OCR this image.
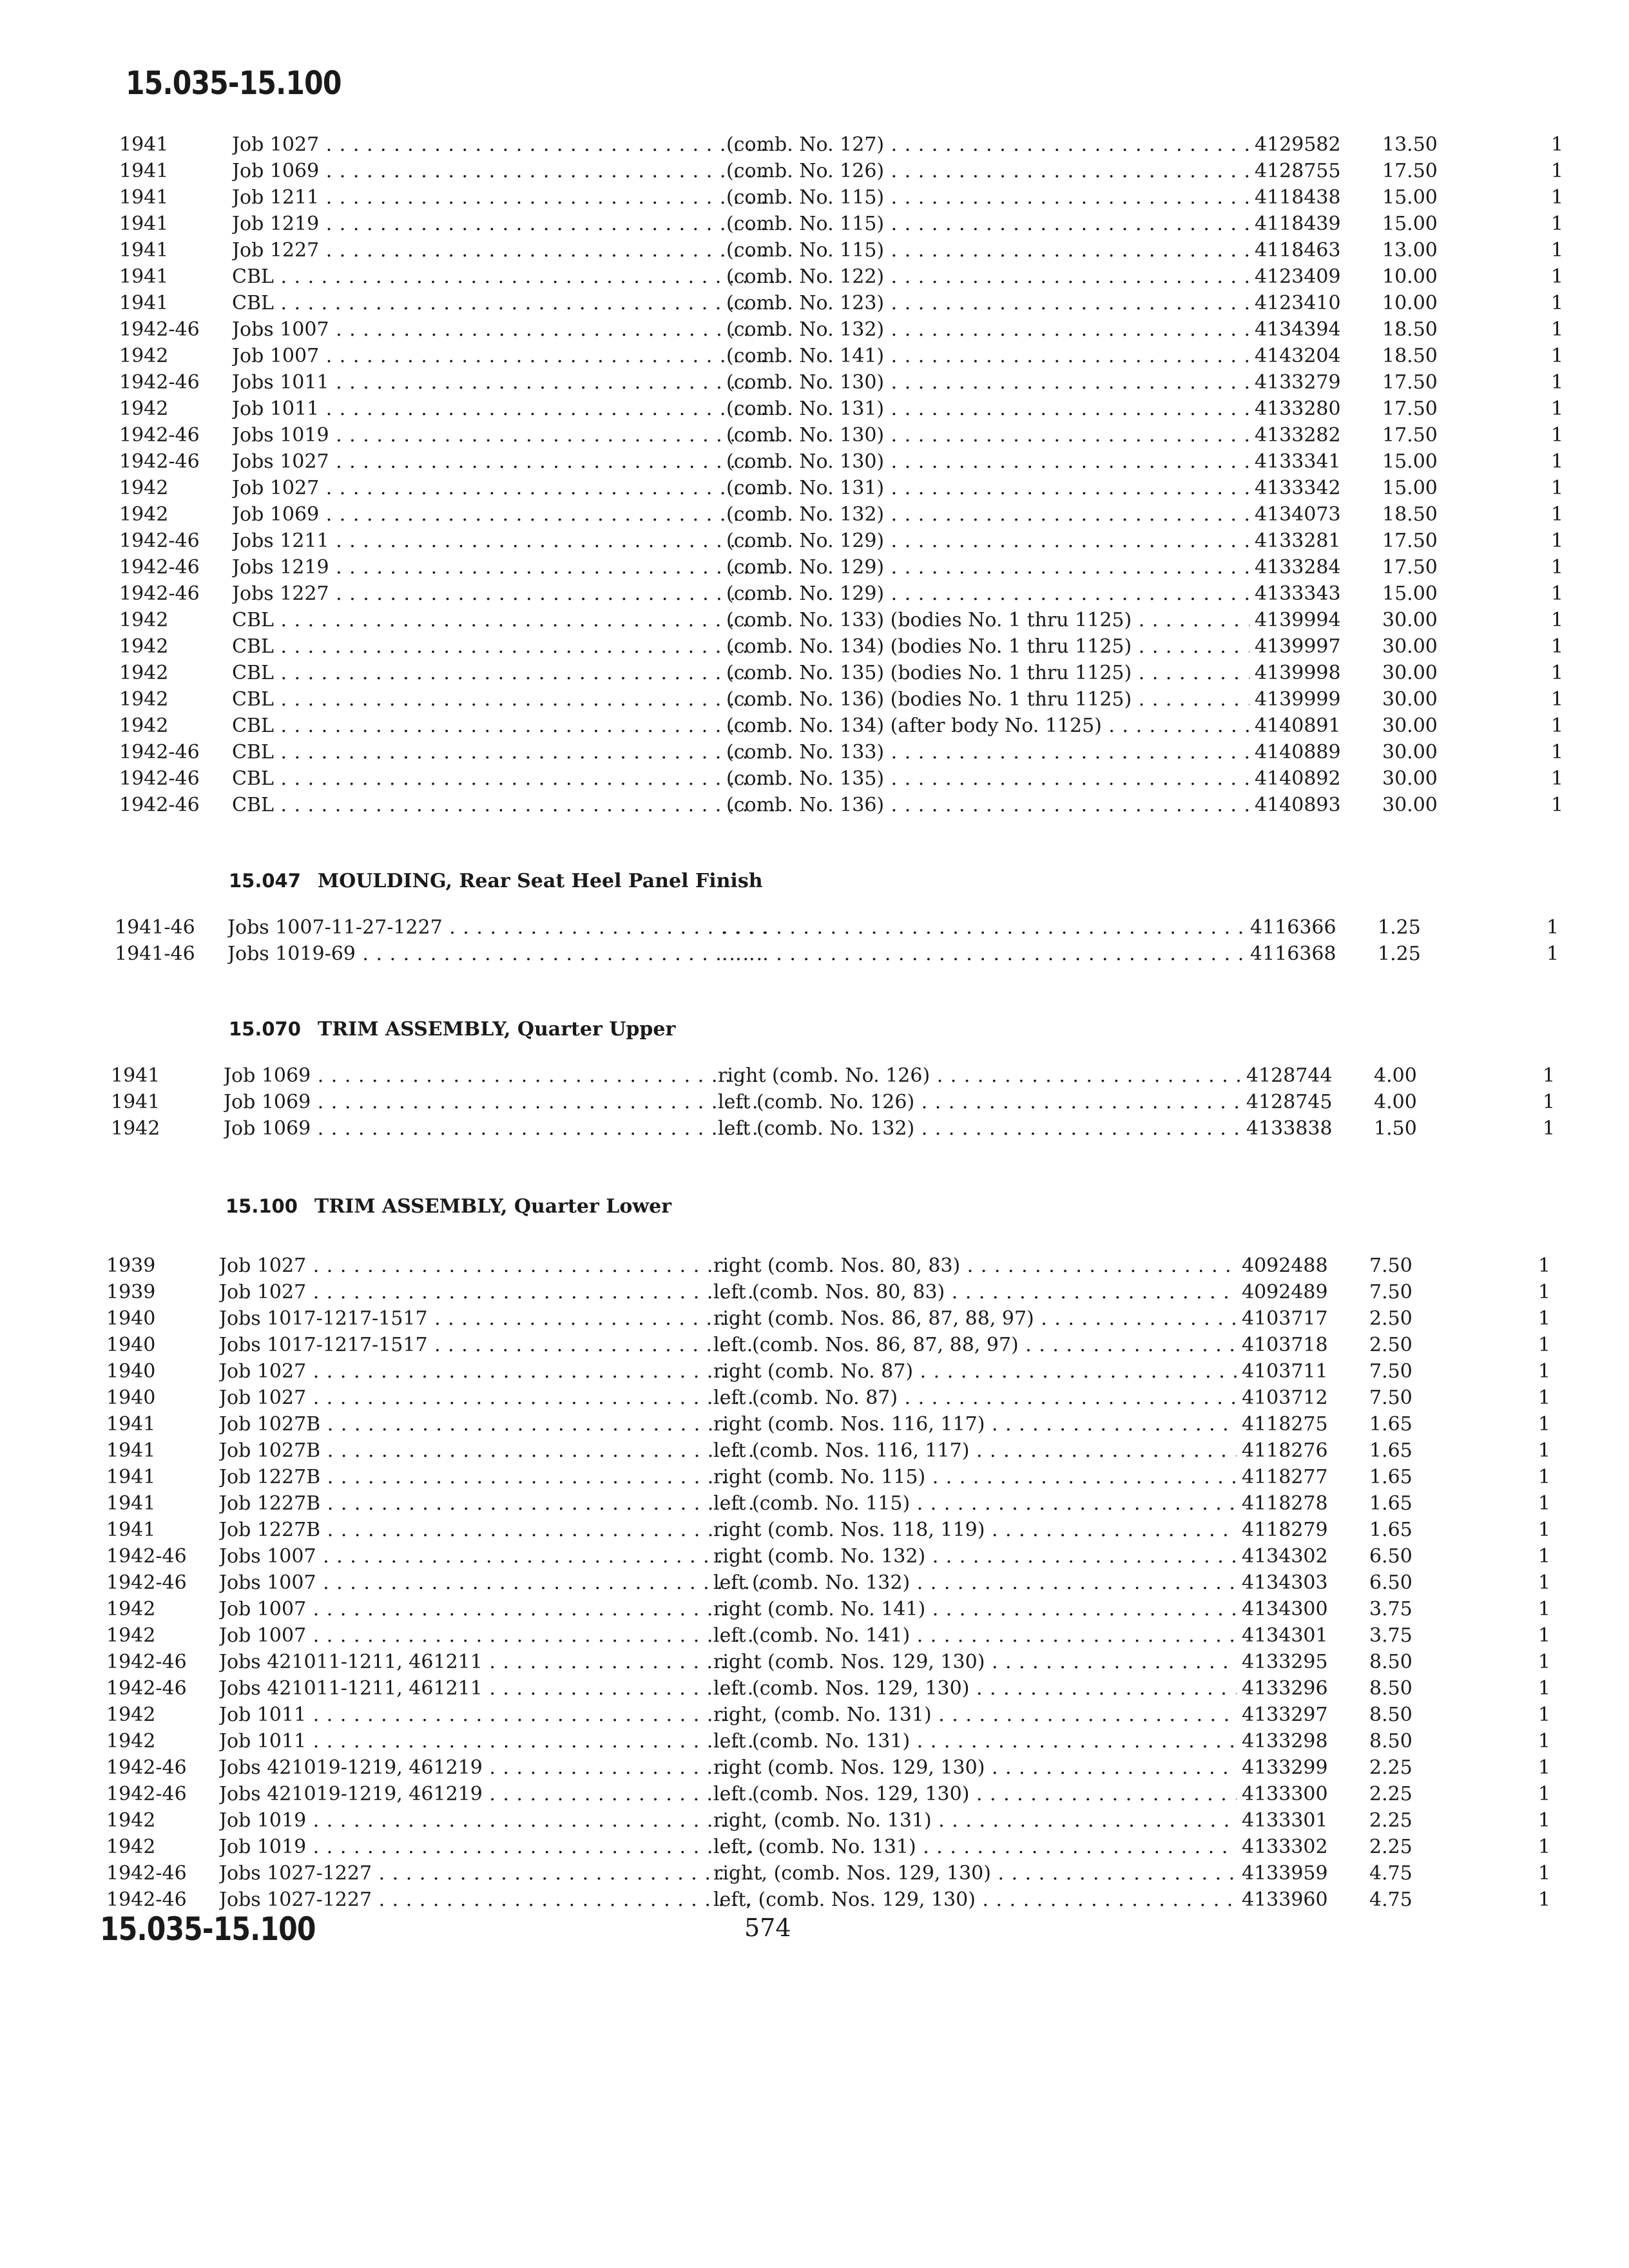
15.035-15.100
1941	Job 1027 . . .	(comb. No. 127) . . .	4129582 13.50	1
1941	Job 1069 . . .	(comb. No. 126) . . .	4128755 17.50	1
1941	Job 1211 . . .	(comb. No. 115) . . .	4118438 15.00	1
1941	Job 1219 . . .	(comb. No. 115) . . .	4118439 15.00	1
1941	Job 1227 . . .	(comb. No. 115) . . .	4118463 13.00	1
1941	CBL . . .	(comb. No. 122) . . .	4123409 10.00	1
1941	CBL . . .	(comb. No. 123) . . .	4123410 10.00	1
1942-46	Jobs 1007 . . .	(comb. No. 132) . . .	4134394 18.50	1
1942	Job 1007 . . .	(comb. No. 141) . . .	4143204 18.50	1
1942-46	Jobs 1011 . . .	(comb. No. 130) . . .	4133279 17.50	1
1942	Job 1011 . . .	(comb. No. 131) . . .	4133280 17.50	1
1942-46	Jobs 1019 . . .	(comb. No. 130) . . .	4133282 17.50	1
1942-46	Jobs 1027 . . .	(comb. No. 130) . . .	4133341 15.00	1
1942	Job 1027 . . .	(comb. No. 131) . . .	4133342 15.00	1
1942	Job 1069 . . .	(comb. No. 132) . . .	4134073 18.50	1
1942-46	Jobs 1211 . . .	(comb. No. 129) . . .	4133281 17.50	1
1942-46	Jobs 1219 . . .	(comb. No. 129) . . .	4133284 17.50	1
1942-46	Jobs 1227 . . .	(comb. No. 129) . . .	4133343 15.00	1
1942	CBL . . .	(comb. No. 133) (bodies No. 1 thru 1125) . . .	4139994 30.00	1
1942	CBL . . .	(comb. No. 134) (bodies No. 1 thru 1125) . . .	4139997 30.00	1
1942	CBL . . .	(comb. No. 135) (bodies No. 1 thru 1125) . . .	4139998 30.00	1
1942	CBL . . .	(comb. No. 136) (bodies No. 1 thru 1125) . . .	4139999 30.00	1
1942	CBL . . .	(comb. No. 134) (after body No. 1125) . . .	4140891 30.00	1
1942-46	CBL . . .	(comb. No. 133) . . .	4140889 30.00	1
1942-46	CBL . . .	(comb. No. 135) . . .	4140892 30.00	1
1942-46	CBL . . .	(comb. No. 136) . . .	4140893 30.00	1
15.047 MOULDING, Rear Seat Heel Panel Finish
1941-46	Jobs 1007-11-27-1227 . . . . . .	4116366 1.25	1
1941-46	Jobs 1019-69 . . . . . .	4116368 1.25	1
15.070 TRIM ASSEMBLY, Quarter Upper
1941	Job 1069 . . .	right (comb. No. 126) . . .	4128744 4.00	1
1941	Job 1069 . . .	left (comb. No. 126) . . .	4128745 4.00	1
1942	Job 1069 . . .	left (comb. No. 132) . . .	4133838 1.50	1
15.100 TRIM ASSEMBLY, Quarter Lower
1939	Job 1027 . . .	right (comb. Nos. 80, 83) . . .	4092488 7.50	1
1939	Job 1027 . . .	left (comb. Nos. 80, 83) . . .	4092489 7.50	1
1940	Jobs 1017-1217-1517 . . .	right (comb. Nos. 86, 87, 88, 97) . . .	4103717 2.50	1
1940	Jobs 1017-1217-1517 . . .	left (comb. Nos. 86, 87, 88, 97) . . .	4103718 2.50	1
1940	Job 1027 . . .	right (comb. No. 87) . . .	4103711 7.50	1
1940	Job 1027 . . .	left (comb. No. 87) . . .	4103712 7.50	1
1941	Job 1027B . . .	right (comb. Nos. 116, 117) . . .	4118275 1.65	1
1941	Job 1027B . . .	left (comb. Nos. 116, 117) . . .	4118276 1.65	1
1941	Job 1227B . . .	right (comb. No. 115) . . .	4118277 1.65	1
1941	Job 1227B . . .	left (comb. No. 115) . . .	4118278 1.65	1
1941	Job 1227B . . .	right (comb. Nos. 118, 119) . . .	4118279 1.65	1
1942-46	Jobs 1007 . . .	right (comb. No. 132) . . .	4134302 6.50	1
1942-46	Jobs 1007 . . .	left (comb. No. 132) . . .	4134303 6.50	1
1942	Job 1007 . . .	right (comb. No. 141) . . .	4134300 3.75	1
1942	Job 1007 . . .	left (comb. No. 141) . . .	4134301 3.75	1
1942-46	Jobs 421011-1211, 461211 . . .	right (comb. Nos. 129, 130) . . .	4133295 8.50	1
1942-46	Jobs 421011-1211, 461211 . . .	left (comb. Nos. 129, 130) . . .	4133296 8.50	1
1942	Job 1011 . . .	right, (comb. No. 131) . . .	4133297 8.50	1
1942	Job 1011 . . .	left (comb. No. 131) . . .	4133298 8.50	1
1942-46	Jobs 421019-1219, 461219 . . .	right (comb. Nos. 129, 130) . . .	4133299 2.25	1
1942-46	Jobs 421019-1219, 461219 . . .	left (comb. Nos. 129, 130) . . .	4133300 2.25	1
1942	Job 1019 . . .	right, (comb. No. 131) . . .	4133301 2.25	1
1942	Job 1019 . . .	left, (comb. No. 131) . . .	4133302 2.25	1
1942-46	Jobs 1027-1227 . . .	right, (comb. Nos. 129, 130) . . .	4133959 4.75	1
1942-46	Jobs 1027-1227 . . .	left, (comb. Nos. 129, 130) . . .	4133960 4.75	1
15.035-15.100	574
